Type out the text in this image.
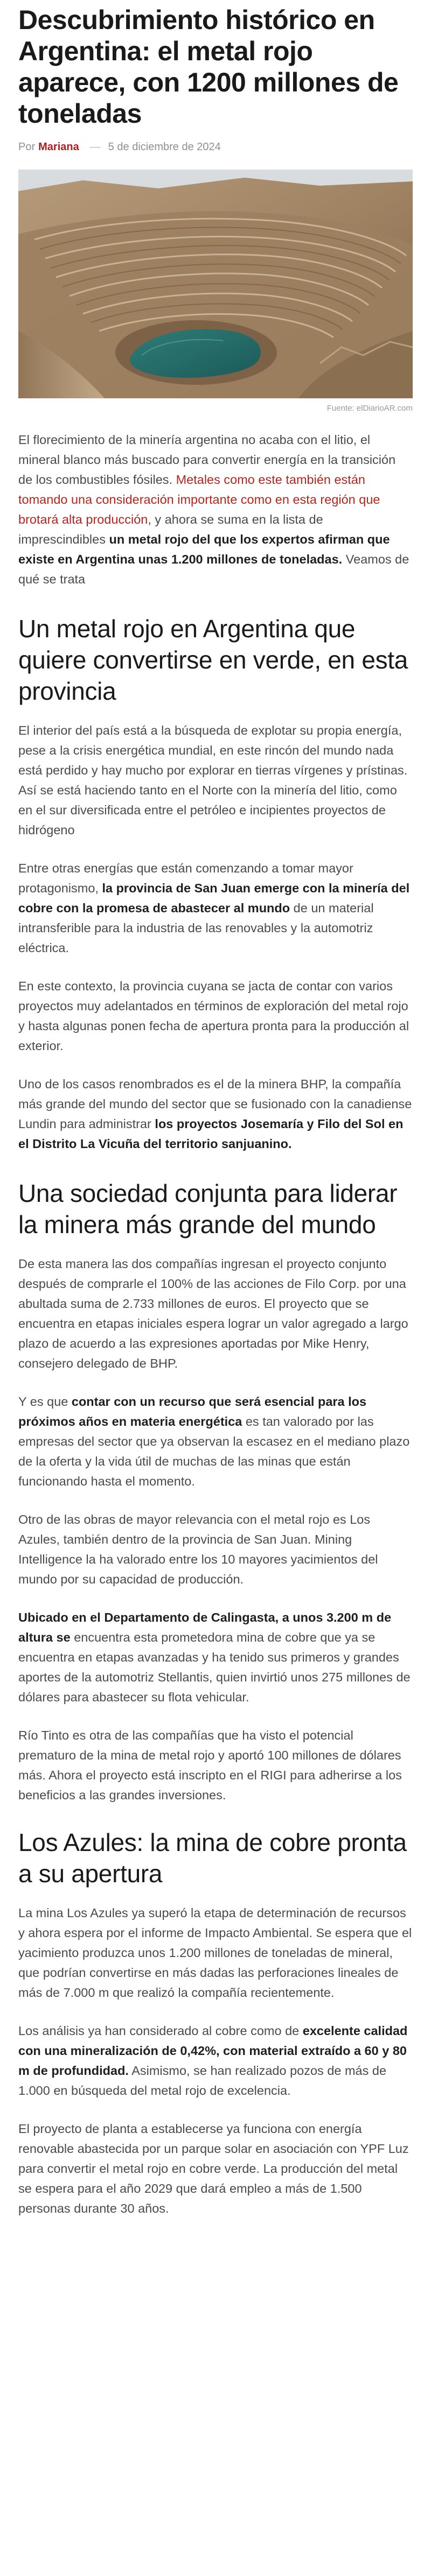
Descubrimiento histórico en Argentina: el metal rojo aparece, con 1200 millones de toneladas
Por Mariana — 5 de diciembre de 2024
Fuente: elDiarioAR.com

El florecimiento de la minería argentina no acaba con el litio, el mineral blanco más buscado para convertir energía en la transición de los combustibles fósiles. Metales como este también están tomando una consideración importante como en esta región que brotará alta producción, y ahora se suma en la lista de imprescindibles un metal rojo del que los expertos afirman que existe en Argentina unas 1.200 millones de toneladas. Veamos de qué se trata

Un metal rojo en Argentina que quiere convertirse en verde, en esta provincia

El interior del país está a la búsqueda de explotar su propia energía, pese a la crisis energética mundial, en este rincón del mundo nada está perdido y hay mucho por explorar en tierras vírgenes y prístinas. Así se está haciendo tanto en el Norte con la minería del litio, como en el sur diversificada entre el petróleo e incipientes proyectos de hidrógeno

Entre otras energías que están comenzando a tomar mayor protagonismo, la provincia de San Juan emerge con la minería del cobre con la promesa de abastecer al mundo de un material intransferible para la industria de las renovables y la automotriz eléctrica.

En este contexto, la provincia cuyana se jacta de contar con varios proyectos muy adelantados en términos de exploración del metal rojo y hasta algunas ponen fecha de apertura pronta para la producción al exterior.

Uno de los casos renombrados es el de la minera BHP, la compañía más grande del mundo del sector que se fusionado con la canadiense Lundin para administrar los proyectos Josemaría y Filo del Sol en el Distrito La Vicuña del territorio sanjuanino.

Una sociedad conjunta para liderar la minera más grande del mundo

De esta manera las dos compañías ingresan el proyecto conjunto después de comprarle el 100% de las acciones de Filo Corp. por una abultada suma de 2.733 millones de euros. El proyecto que se encuentra en etapas iniciales espera lograr un valor agregado a largo plazo de acuerdo a las expresiones aportadas por Mike Henry, consejero delegado de BHP.

Y es que contar con un recurso que será esencial para los próximos años en materia energética es tan valorado por las empresas del sector que ya observan la escasez en el mediano plazo de la oferta y la vida útil de muchas de las minas que están funcionando hasta el momento.

Otro de las obras de mayor relevancia con el metal rojo es Los Azules, también dentro de la provincia de San Juan. Mining Intelligence la ha valorado entre los 10 mayores yacimientos del mundo por su capacidad de producción.

Ubicado en el Departamento de Calingasta, a unos 3.200 m de altura se encuentra esta prometedora mina de cobre que ya se encuentra en etapas avanzadas y ha tenido sus primeros y grandes aportes de la automotriz Stellantis, quien invirtió unos 275 millones de dólares para abastecer su flota vehicular.

Río Tinto es otra de las compañías que ha visto el potencial prematuro de la mina de metal rojo y aportó 100 millones de dólares más. Ahora el proyecto está inscripto en el RIGI para adherirse a los beneficios a las grandes inversiones.

Los Azules: la mina de cobre pronta a su apertura

La mina Los Azules ya superó la etapa de determinación de recursos y ahora espera por el informe de Impacto Ambiental. Se espera que el yacimiento produzca unos 1.200 millones de toneladas de mineral, que podrían convertirse en más dadas las perforaciones lineales de más de 7.000 m que realizó la compañía recientemente.

Los análisis ya han considerado al cobre como de excelente calidad con una mineralización de 0,42%, con material extraído a 60 y 80 m de profundidad. Asimismo, se han realizado pozos de más de 1.000 en búsqueda del metal rojo de excelencia.

El proyecto de planta a establecerse ya funciona con energía renovable abastecida por un parque solar en asociación con YPF Luz para convertir el metal rojo en cobre verde. La producción del metal se espera para el año 2029 que dará empleo a más de 1.500 personas durante 30 años.
